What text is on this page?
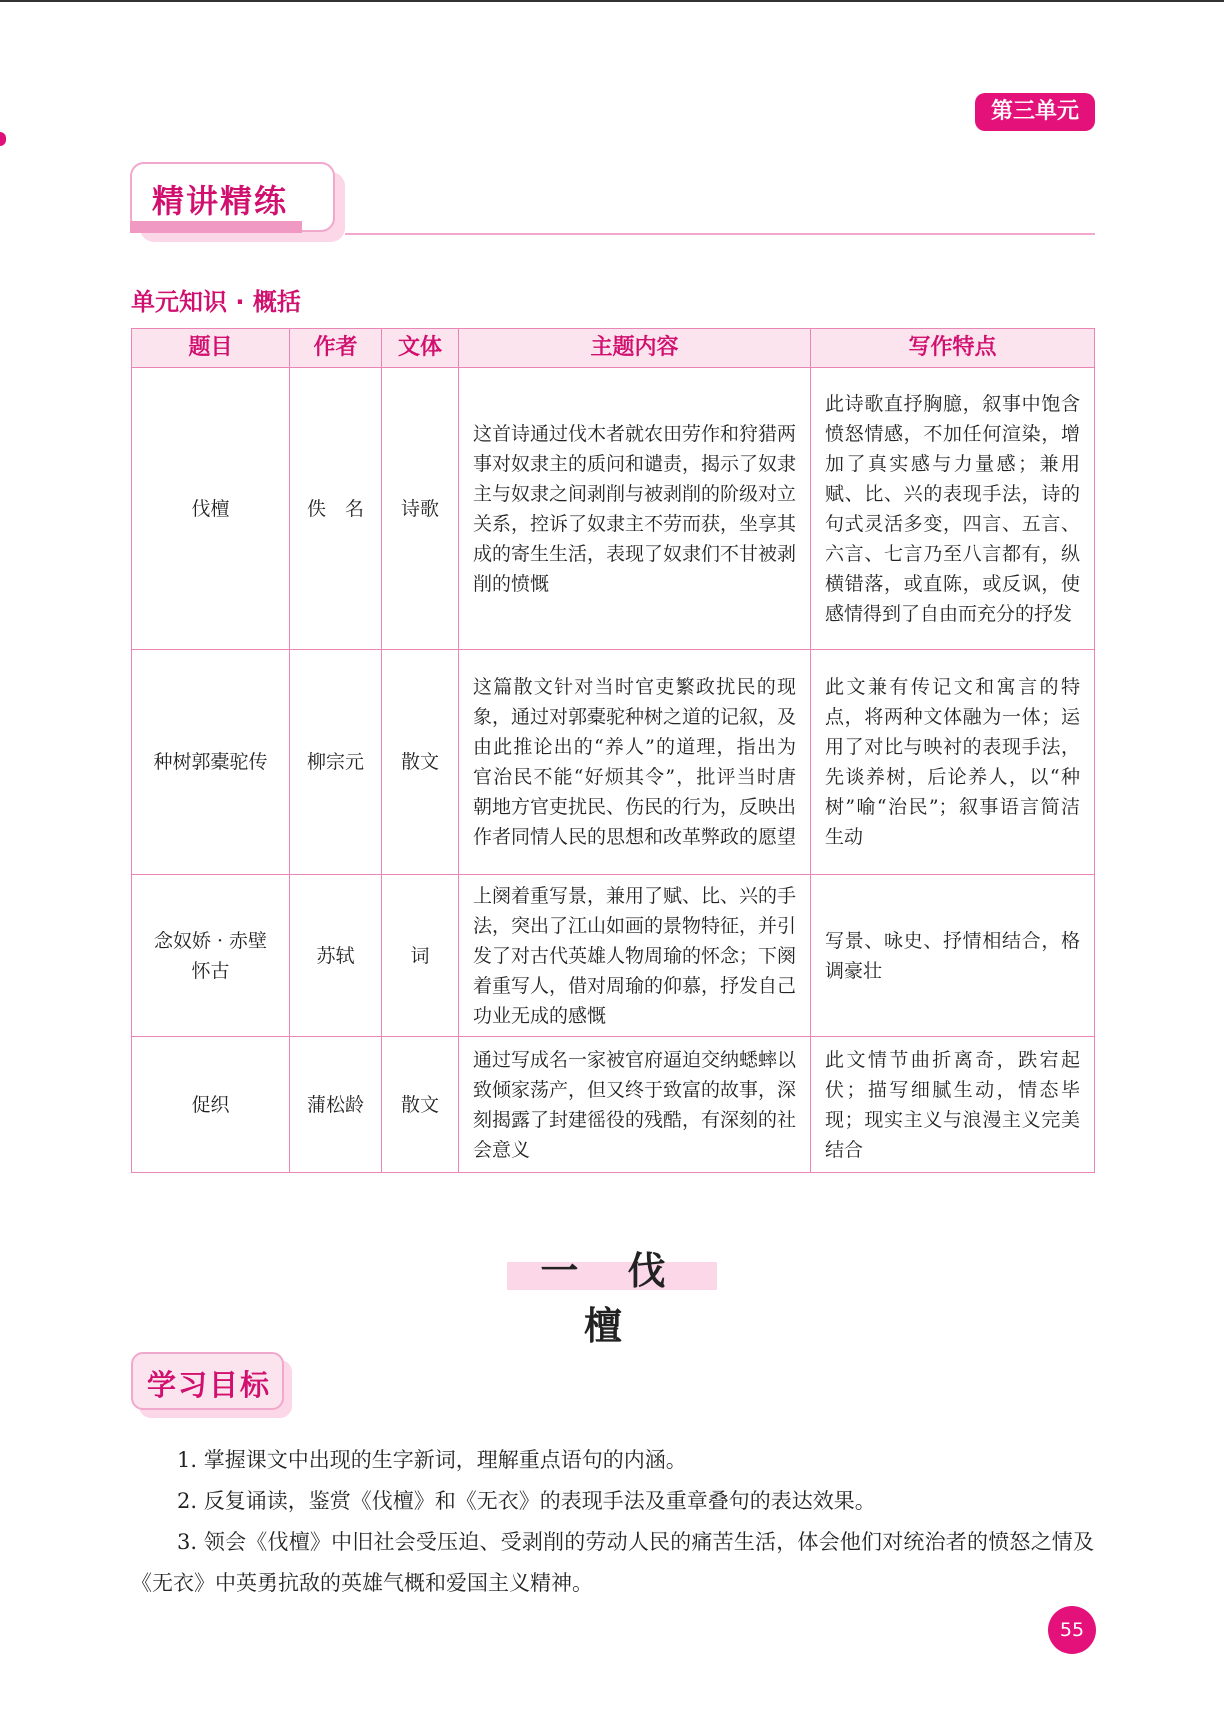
第三单元
精讲精练
单元知识 · 概括
题目	作者	文体	主题内容	写作特点
伐檀	佚　名	诗歌	这首诗通过伐木者就农田劳作和狩猎两事对奴隶主的质问和谴责，揭示了奴隶主与奴隶之间剥削与被剥削的阶级对立关系，控诉了奴隶主不劳而获，坐享其成的寄生生活，表现了奴隶们不甘被剥削的愤慨	此诗歌直抒胸臆，叙事中饱含愤怒情感，不加任何渲染，增加了真实感与力量感；兼用赋、比、兴的表现手法，诗的句式灵活多变，四言、五言、六言、七言乃至八言都有，纵横错落，或直陈，或反讽，使感情得到了自由而充分的抒发
种树郭橐驼传	柳宗元	散文	这篇散文针对当时官吏繁政扰民的现象，通过对郭橐驼种树之道的记叙，及由此推论出的“养人”的道理，指出为官治民不能“好烦其令”，批评当时唐朝地方官吏扰民、伤民的行为，反映出作者同情人民的思想和改革弊政的愿望	此文兼有传记文和寓言的特点，将两种文体融为一体；运用了对比与映衬的表现手法，先谈养树，后论养人，以“种树”喻“治民”；叙事语言简洁生动
念奴娇 · 赤壁怀古	苏轼	词	上阕着重写景，兼用了赋、比、兴的手法，突出了江山如画的景物特征，并引发了对古代英雄人物周瑜的怀念；下阕着重写人，借对周瑜的仰慕，抒发自己功业无成的感慨	写景、咏史、抒情相结合，格调豪壮
促织	蒲松龄	散文	通过写成名一家被官府逼迫交纳蟋蟀以致倾家荡产，但又终于致富的故事，深刻揭露了封建徭役的残酷，有深刻的社会意义	此文情节曲折离奇，跌宕起伏；描写细腻生动，情态毕现；现实主义与浪漫主义完美结合
一 伐 檀
学习目标

1. 掌握课文中出现的生字新词，理解重点语句的内涵。

2. 反复诵读，鉴赏《伐檀》和《无衣》的表现手法及重章叠句的表达效果。

3. 领会《伐檀》中旧社会受压迫、受剥削的劳动人民的痛苦生活，体会他们对统治者的愤怒之情及《无衣》中英勇抗敌的英雄气概和爱国主义精神。

55
